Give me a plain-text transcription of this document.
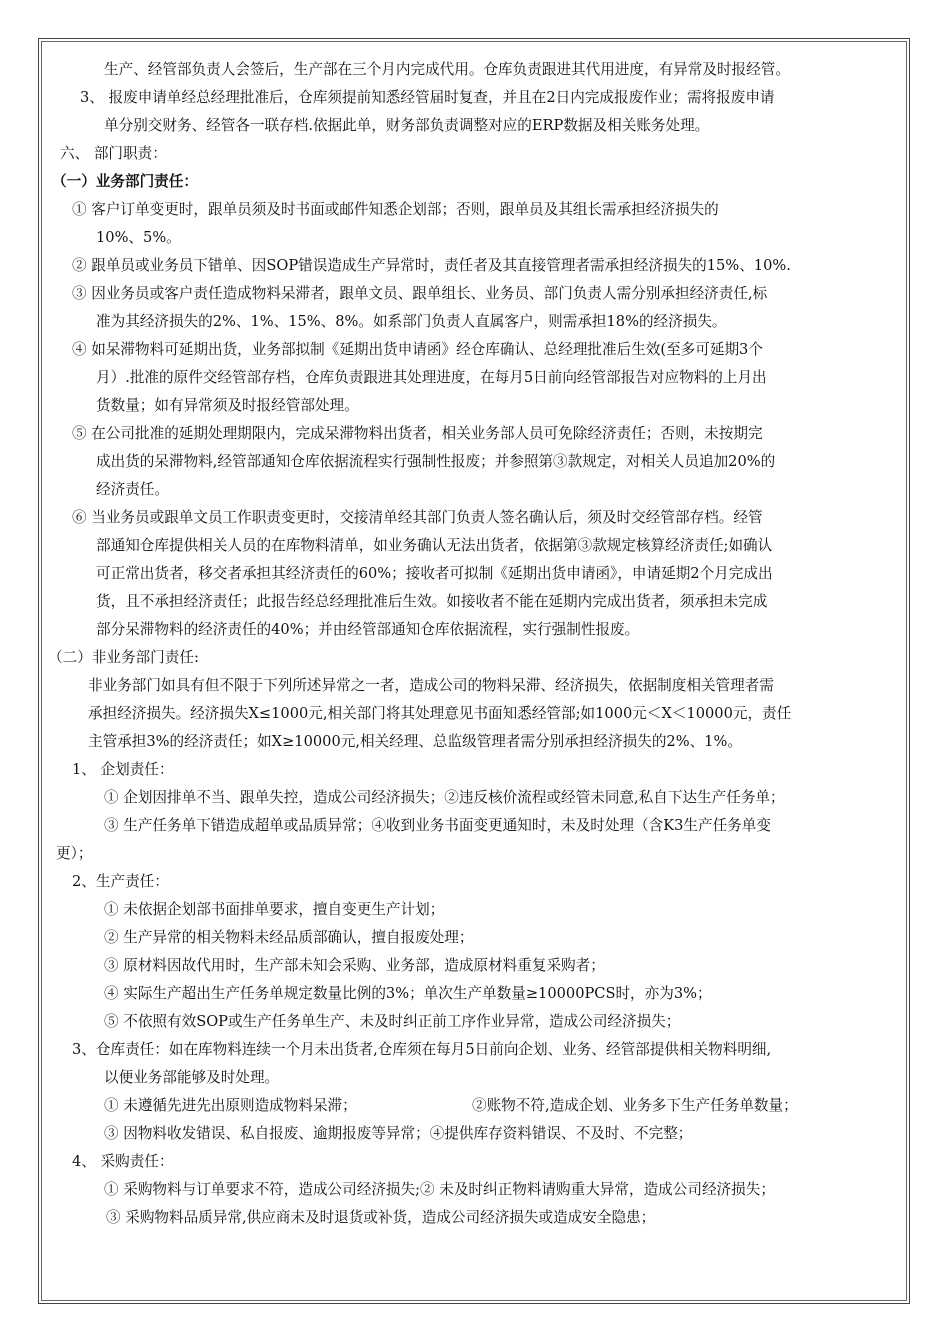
生产、经管部负责人会签后，生产部在三个月内完成代用。仓库负责跟进其代用进度，有异常及时报经管。
3、 报废申请单经总经理批准后，仓库须提前知悉经管届时复查，并且在2日内完成报废作业；需将报废申请
单分别交财务、经管各一联存档.依据此单，财务部负责调整对应的ERP数据及相关账务处理。
六、 部门职责：
（一）业务部门责任：
① 客户订单变更时，跟单员须及时书面或邮件知悉企划部；否则，跟单员及其组长需承担经济损失的
10%、5%。
② 跟单员或业务员下错单、因SOP错误造成生产异常时，责任者及其直接管理者需承担经济损失的15%、10%.
③ 因业务员或客户责任造成物料呆滞者，跟单文员、跟单组长、业务员、部门负责人需分别承担经济责任,标
准为其经济损失的2%、1%、15%、8%。如系部门负责人直属客户，则需承担18%的经济损失。
④ 如呆滞物料可延期出货，业务部拟制《延期出货申请函》经仓库确认、总经理批准后生效(至多可延期3个
月）.批准的原件交经管部存档，仓库负责跟进其处理进度，在每月5日前向经管部报告对应物料的上月出
货数量；如有异常须及时报经管部处理。
⑤ 在公司批准的延期处理期限内，完成呆滞物料出货者，相关业务部人员可免除经济责任；否则，未按期完
成出货的呆滞物料,经管部通知仓库依据流程实行强制性报废；并参照第③款规定，对相关人员追加20%的
经济责任。
⑥ 当业务员或跟单文员工作职责变更时，交接清单经其部门负责人签名确认后，须及时交经管部存档。经管
部通知仓库提供相关人员的在库物料清单，如业务确认无法出货者，依据第③款规定核算经济责任;如确认
可正常出货者，移交者承担其经济责任的60%；接收者可拟制《延期出货申请函》，申请延期2个月完成出
货，且不承担经济责任；此报告经总经理批准后生效。如接收者不能在延期内完成出货者，须承担未完成
部分呆滞物料的经济责任的40%；并由经管部通知仓库依据流程，实行强制性报废。
（二）非业务部门责任:
非业务部门如具有但不限于下列所述异常之一者，造成公司的物料呆滞、经济损失，依据制度相关管理者需
承担经济损失。经济损失X≤1000元,相关部门将其处理意见书面知悉经管部;如1000元＜X＜10000元，责任
主管承担3%的经济责任；如X≥10000元,相关经理、总监级管理者需分别承担经济损失的2%、1%。
1、 企划责任：
① 企划因排单不当、跟单失控，造成公司经济损失；②违反核价流程或经管未同意,私自下达生产任务单；
③ 生产任务单下错造成超单或品质异常；④收到业务书面变更通知时，未及时处理（含K3生产任务单变
更）；
2、生产责任：
① 未依据企划部书面排单要求，擅自变更生产计划；
② 生产异常的相关物料未经品质部确认，擅自报废处理；
③ 原材料因故代用时，生产部未知会采购、业务部，造成原材料重复采购者；
④ 实际生产超出生产任务单规定数量比例的3%；单次生产单数量≥10000PCS时，亦为3%；
⑤ 不依照有效SOP或生产任务单生产、未及时纠正前工序作业异常，造成公司经济损失；
3、仓库责任：如在库物料连续一个月未出货者,仓库须在每月5日前向企划、业务、经管部提供相关物料明细,
以便业务部能够及时处理。
① 未遵循先进先出原则造成物料呆滞；	②账物不符,造成企划、业务多下生产任务单数量；
③ 因物料收发错误、私自报废、逾期报废等异常；④提供库存资料错误、不及时、不完整；
4、 采购责任：
① 采购物料与订单要求不符，造成公司经济损失;② 未及时纠正物料请购重大异常，造成公司经济损失；
③ 采购物料品质异常,供应商未及时退货或补货，造成公司经济损失或造成安全隐患；
